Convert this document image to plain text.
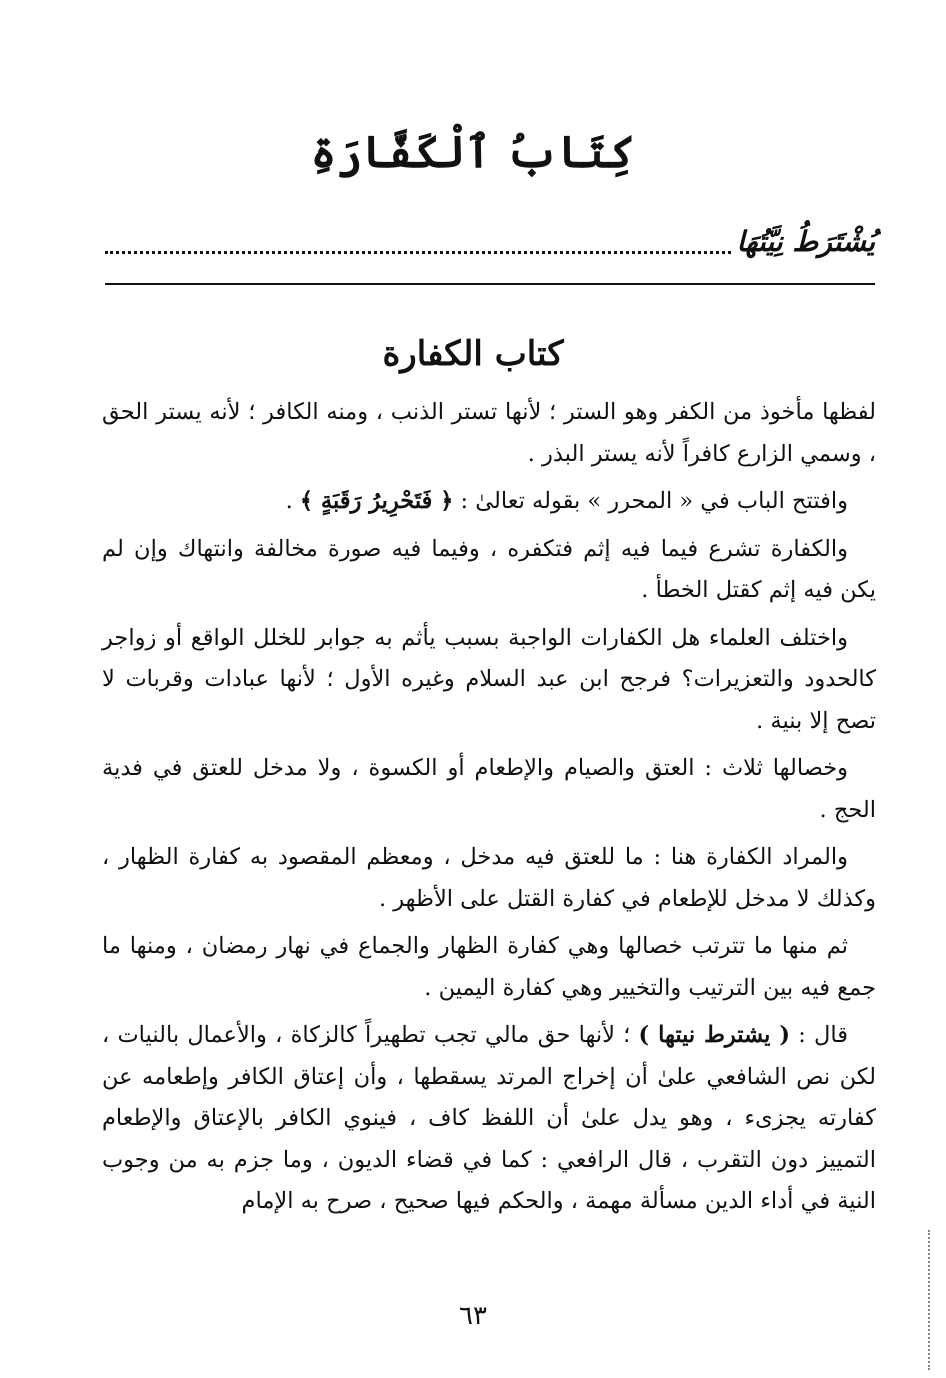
كِتَابُ ٱلْكَفَّارَةِ
يُشْتَرَطُ نِيَّتُهَا
كتاب الكفارة

لفظها مأخوذ من الكفر وهو الستر ؛ لأنها تستر الذنب ، ومنه الكافر ؛ لأنه يستر الحق ، وسمي الزارع كافراً لأنه يستر البذر .

وافتتح الباب في « المحرر » بقوله تعالىٰ : ﴿ فَتَحْرِيرُ رَقَبَةٍ ﴾ .

والكفارة تشرع فيما فيه إثم فتكفره ، وفيما فيه صورة مخالفة وانتهاك وإن لم يكن فيه إثم كقتل الخطأ .

واختلف العلماء هل الكفارات الواجبة بسبب يأثم به جوابر للخلل الواقع أو زواجر كالحدود والتعزيرات؟ فرجح ابن عبد السلام وغيره الأول ؛ لأنها عبادات وقربات لا تصح إلا بنية .

وخصالها ثلاث : العتق والصيام والإطعام أو الكسوة ، ولا مدخل للعتق في فدية الحج .

والمراد الكفارة هنا : ما للعتق فيه مدخل ، ومعظم المقصود به كفارة الظهار ، وكذلك لا مدخل للإطعام في كفارة القتل على الأظهر .

ثم منها ما تترتب خصالها وهي كفارة الظهار والجماع في نهار رمضان ، ومنها ما جمع فيه بين الترتيب والتخيير وهي كفارة اليمين .

قال : ( يشترط نيتها ) ؛ لأنها حق مالي تجب تطهيراً كالزكاة ، والأعمال بالنيات ، لكن نص الشافعي علىٰ أن إخراج المرتد يسقطها ، وأن إعتاق الكافر وإطعامه عن كفارته يجزىء ، وهو يدل علىٰ أن اللفظ كاف ، فينوي الكافر بالإعتاق والإطعام التمييز دون التقرب ، قال الرافعي : كما في قضاء الديون ، وما جزم به من وجوب النية في أداء الدين مسألة مهمة ، والحكم فيها صحيح ، صرح به الإمام

٦٣
